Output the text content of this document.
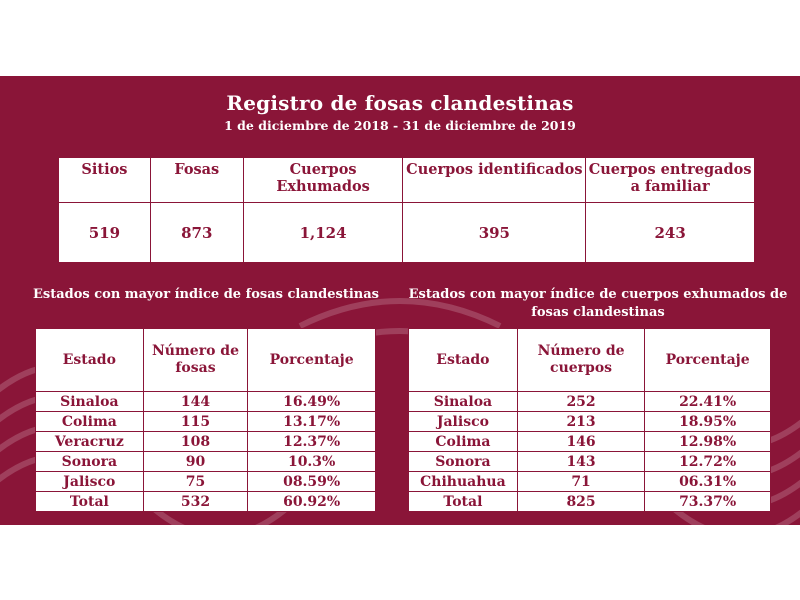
Registro de fosas clandestinas
1 de diciembre de 2018 - 31 de diciembre de 2019
Sitios	Fosas	Cuerpos Exhumados	Cuerpos identificados	Cuerpos entregados a familiar
519	873	1,124	395	243
Estados con mayor índice de fosas clandestinas	Estados con mayor índice de cuerpos exhumados de fosas clandestinas
Estado	Número de fosas	Porcentaje
Sinaloa	144	16.49%
Colima	115	13.17%
Veracruz	108	12.37%
Sonora	90	10.3%
Jalisco	75	08.59%
Total	532	60.92%
Estado	Número de cuerpos	Porcentaje
Sinaloa	252	22.41%
Jalisco	213	18.95%
Colima	146	12.98%
Sonora	143	12.72%
Chihuahua	71	06.31%
Total	825	73.37%
